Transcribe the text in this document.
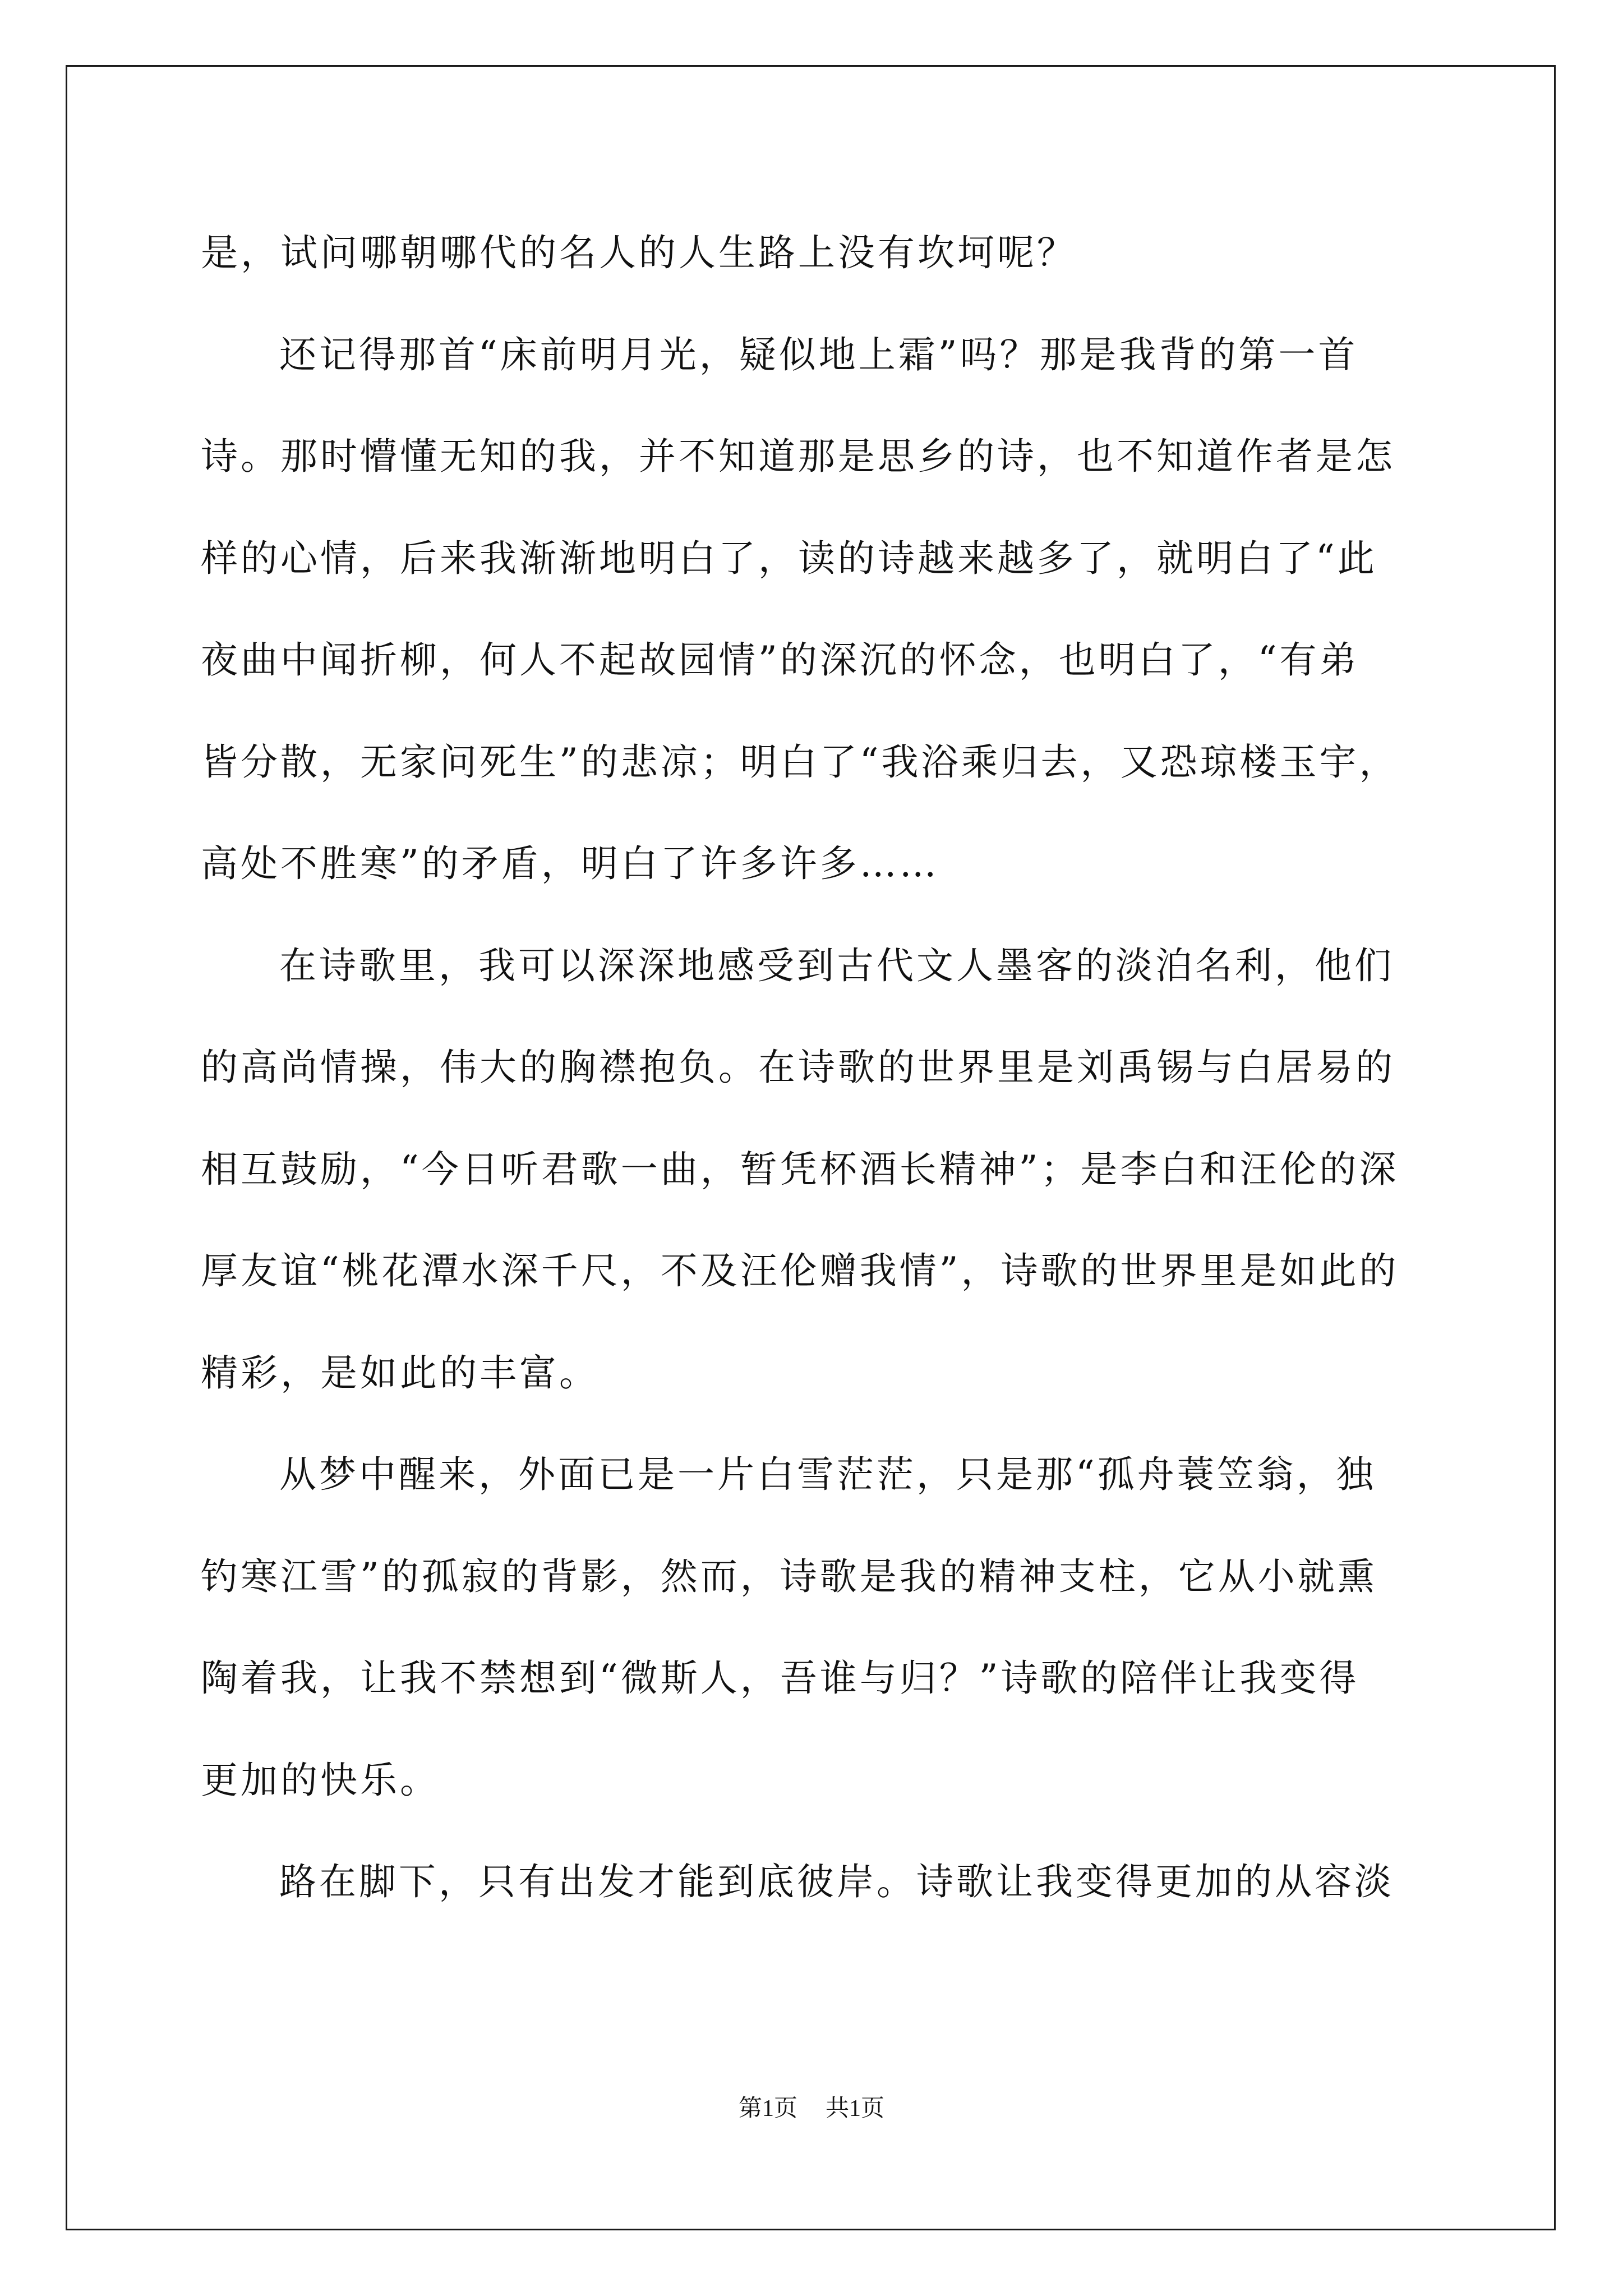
是，试问哪朝哪代的名人的人生路上没有坎坷呢？
还记得那首“床前明月光，疑似地上霜”吗？那是我背的第一首
诗。那时懵懂无知的我，并不知道那是思乡的诗，也不知道作者是怎
样的心情，后来我渐渐地明白了，读的诗越来越多了，就明白了“此
夜曲中闻折柳，何人不起故园情”的深沉的怀念，也明白了，“有弟
皆分散，无家问死生”的悲凉；明白了“我浴乘归去，又恐琼楼玉宇，
高处不胜寒”的矛盾，明白了许多许多……
在诗歌里，我可以深深地感受到古代文人墨客的淡泊名利，他们
的高尚情操，伟大的胸襟抱负。在诗歌的世界里是刘禹锡与白居易的
相互鼓励，“今日听君歌一曲，暂凭杯酒长精神”；是李白和汪伦的深
厚友谊“桃花潭水深千尺，不及汪伦赠我情”，诗歌的世界里是如此的
精彩，是如此的丰富。
从梦中醒来，外面已是一片白雪茫茫，只是那“孤舟蓑笠翁，独
钓寒江雪”的孤寂的背影，然而，诗歌是我的精神支柱，它从小就熏
陶着我，让我不禁想到“微斯人，吾谁与归？”诗歌的陪伴让我变得
更加的快乐。
路在脚下，只有出发才能到底彼岸。诗歌让我变得更加的从容淡
第1页 共1页
